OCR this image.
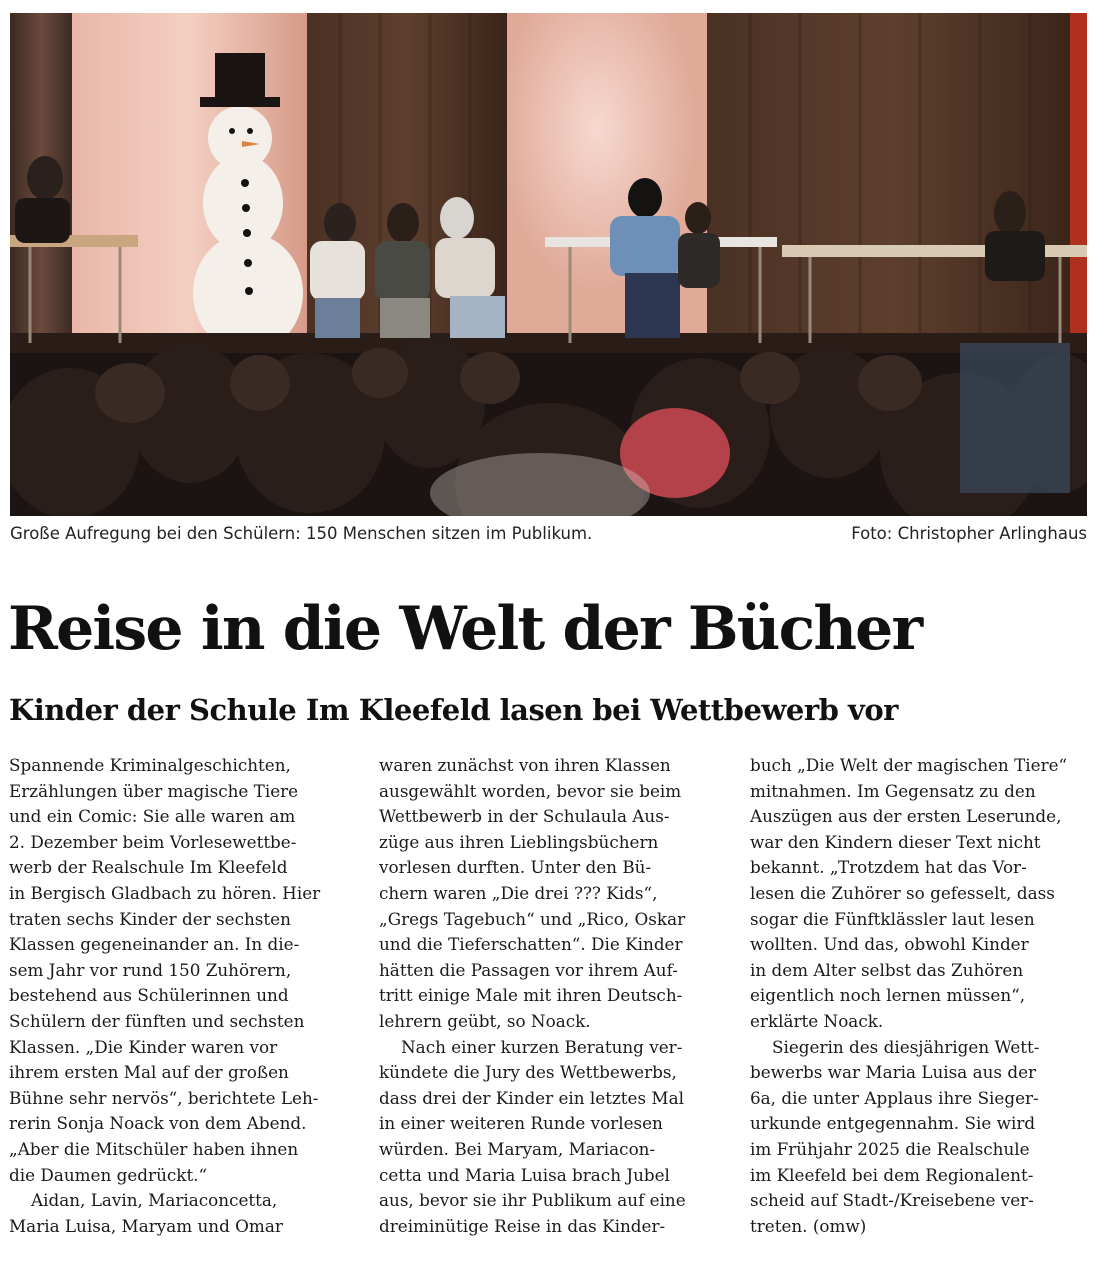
Große Aufregung bei den Schülern: 150 Menschen sitzen im Publikum.	Foto: Christopher Arlinghaus
Reise in die Welt der Bücher
Kinder der Schule Im Kleefeld lasen bei Wettbewerb vor
Spannende Kriminalgeschichten,
Erzählungen über magische Tiere
und ein Comic: Sie alle waren am
2. Dezember beim Vorlesewettbe-
werb der Realschule Im Kleefeld
in Bergisch Gladbach zu hören. Hier
traten sechs Kinder der sechsten
Klassen gegeneinander an. In die-
sem Jahr vor rund 150 Zuhörern,
bestehend aus Schülerinnen und
Schülern der fünften und sechsten
Klassen. „Die Kinder waren vor
ihrem ersten Mal auf der großen
Bühne sehr nervös“, berichtete Leh-
rerin Sonja Noack von dem Abend.
„Aber die Mitschüler haben ihnen
die Daumen gedrückt.“
Aidan, Lavin, Mariaconcetta,
Maria Luisa, Maryam und Omar
waren zunächst von ihren Klassen
ausgewählt worden, bevor sie beim
Wettbewerb in der Schulaula Aus-
züge aus ihren Lieblingsbüchern
vorlesen durften. Unter den Bü-
chern waren „Die drei ??? Kids“,
„Gregs Tagebuch“ und „Rico, Oskar
und die Tieferschatten“. Die Kinder
hätten die Passagen vor ihrem Auf-
tritt einige Male mit ihren Deutsch-
lehrern geübt, so Noack.
Nach einer kurzen Beratung ver-
kündete die Jury des Wettbewerbs,
dass drei der Kinder ein letztes Mal
in einer weiteren Runde vorlesen
würden. Bei Maryam, Mariacon-
cetta und Maria Luisa brach Jubel
aus, bevor sie ihr Publikum auf eine
dreiminütige Reise in das Kinder-
buch „Die Welt der magischen Tiere“
mitnahmen. Im Gegensatz zu den
Auszügen aus der ersten Leserunde,
war den Kindern dieser Text nicht
bekannt. „Trotzdem hat das Vor-
lesen die Zuhörer so gefesselt, dass
sogar die Fünftklässler laut lesen
wollten. Und das, obwohl Kinder
in dem Alter selbst das Zuhören
eigentlich noch lernen müssen“,
erklärte Noack.
Siegerin des diesjährigen Wett-
bewerbs war Maria Luisa aus der
6a, die unter Applaus ihre Sieger-
urkunde entgegennahm. Sie wird
im Frühjahr 2025 die Realschule
im Kleefeld bei dem Regionalent-
scheid auf Stadt-/Kreisebene ver-
treten. (omw)
